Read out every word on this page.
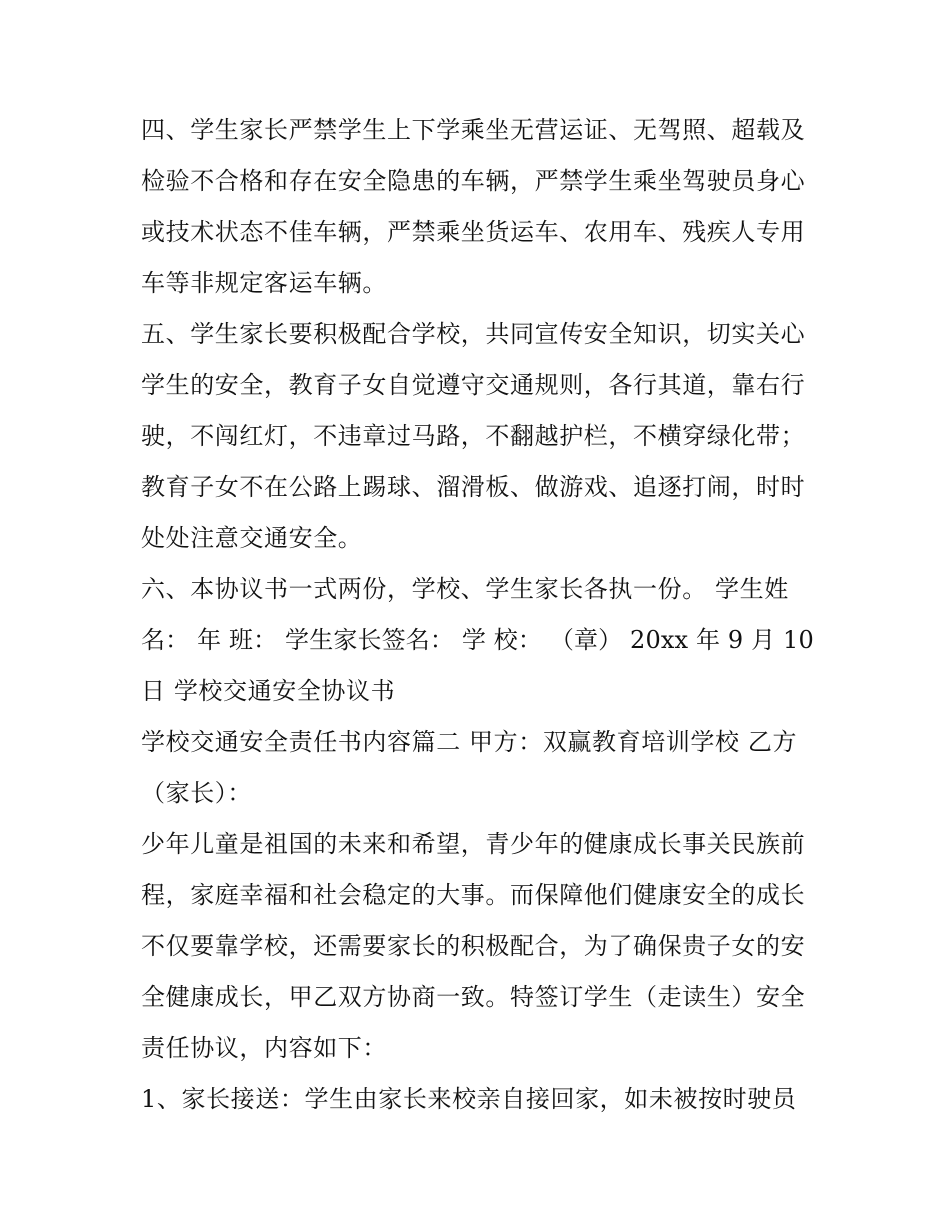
四、学生家长严禁学生上下学乘坐无营运证、无驾照、超载及

检验不合格和存在安全隐患的车辆，严禁学生乘坐驾驶员身心

或技术状态不佳车辆，严禁乘坐货运车、农用车、残疾人专用

车等非规定客运车辆。

五、学生家长要积极配合学校，共同宣传安全知识，切实关心

学生的安全，教育子女自觉遵守交通规则，各行其道，靠右行

驶，不闯红灯，不违章过马路，不翻越护栏，不横穿绿化带；

教育子女不在公路上踢球、溜滑板、做游戏、追逐打闹，时时

处处注意交通安全。

六、本协议书一式两份，学校、学生家长各执一份。 学生姓

名： 年 班： 学生家长签名： 学 校： （章） 20xx 年 9 月 10

日 学校交通安全协议书

学校交通安全责任书内容篇二 甲方：双赢教育培训学校 乙方

（家长）：

少年儿童是祖国的未来和希望，青少年的健康成长事关民族前

程，家庭幸福和社会稳定的大事。而保障他们健康安全的成长

不仅要靠学校，还需要家长的积极配合，为了确保贵子女的安

全健康成长，甲乙双方协商一致。特签订学生（走读生）安全

责任协议，内容如下：

1、家长接送：学生由家长来校亲自接回家，如未被按时驶员
